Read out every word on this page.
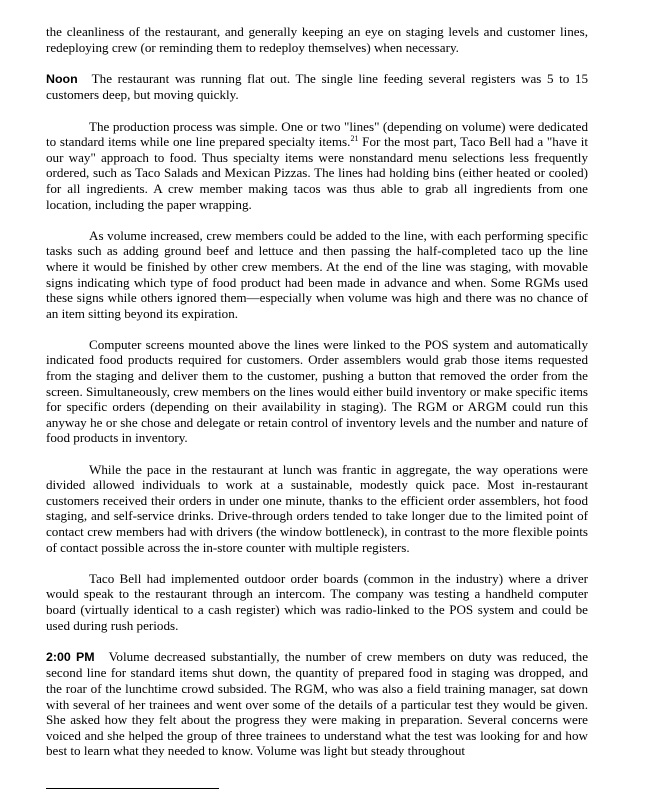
the cleanliness of the restaurant, and generally keeping an eye on staging levels and customer lines, redeploying crew (or reminding them to redeploy themselves) when necessary.

Noon The restaurant was running flat out. The single line feeding several registers was 5 to 15 customers deep, but moving quickly.

The production process was simple. One or two "lines" (depending on volume) were dedicated to standard items while one line prepared specialty items.$^{21}$ For the most part, Taco Bell had a "have it our way" approach to food. Thus specialty items were nonstandard menu selections less frequently ordered, such as Taco Salads and Mexican Pizzas. The lines had holding bins (either heated or cooled) for all ingredients. A crew member making tacos was thus able to grab all ingredients from one location, including the paper wrapping.

As volume increased, crew members could be added to the line, with each performing specific tasks such as adding ground beef and lettuce and then passing the half-completed taco up the line where it would be finished by other crew members. At the end of the line was staging, with movable signs indicating which type of food product had been made in advance and when. Some RGMs used these signs while others ignored them—especially when volume was high and there was no chance of an item sitting beyond its expiration.

Computer screens mounted above the lines were linked to the POS system and automatically indicated food products required for customers. Order assemblers would grab those items requested from the staging and deliver them to the customer, pushing a button that removed the order from the screen. Simultaneously, crew members on the lines would either build inventory or make specific items for specific orders (depending on their availability in staging). The RGM or ARGM could run this anyway he or she chose and delegate or retain control of inventory levels and the number and nature of food products in inventory.

While the pace in the restaurant at lunch was frantic in aggregate, the way operations were divided allowed individuals to work at a sustainable, modestly quick pace. Most in-restaurant customers received their orders in under one minute, thanks to the efficient order assemblers, hot food staging, and self-service drinks. Drive-through orders tended to take longer due to the limited point of contact crew members had with drivers (the window bottleneck), in contrast to the more flexible points of contact possible across the in-store counter with multiple registers.

Taco Bell had implemented outdoor order boards (common in the industry) where a driver would speak to the restaurant through an intercom. The company was testing a handheld computer board (virtually identical to a cash register) which was radio-linked to the POS system and could be used during rush periods.

2:00 PM Volume decreased substantially, the number of crew members on duty was reduced, the second line for standard items shut down, the quantity of prepared food in staging was dropped, and the roar of the lunchtime crowd subsided. The RGM, who was also a field training manager, sat down with several of her trainees and went over some of the details of a particular test they would be given. She asked how they felt about the progress they were making in preparation. Several concerns were voiced and she helped the group of three trainees to understand what the test was looking for and how best to learn what they needed to know. Volume was light but steady throughout
